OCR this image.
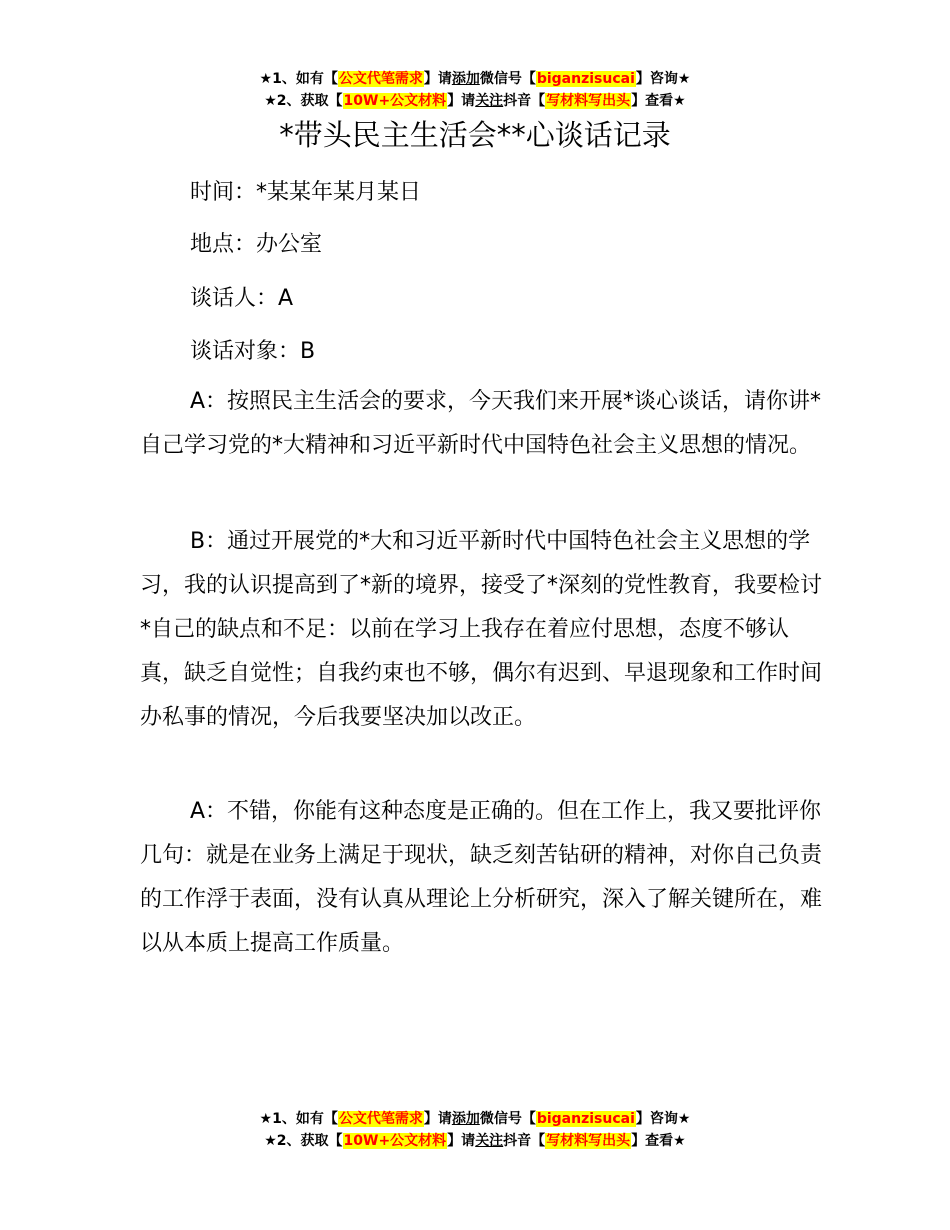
★1、如有【公文代笔需求】请添加微信号【biganzisucai】咨询★
★2、获取【10W+公文材料】请关注抖音【写材料写出头】查看★
*带头民主生活会**心谈话记录
时间：*某某年某月某日
地点：办公室
谈话人：A
谈话对象：B

A：按照民主生活会的要求，今天我们来开展*谈心谈话，请你讲*自己学习党的*大精神和习近平新时代中国特色社会主义思想的情况。

B：通过开展党的*大和习近平新时代中国特色社会主义思想的学习，我的认识提高到了*新的境界，接受了*深刻的党性教育，我要检讨*自己的缺点和不足：以前在学习上我存在着应付思想，态度不够认真，缺乏自觉性；自我约束也不够，偶尔有迟到、早退现象和工作时间办私事的情况，今后我要坚决加以改正。

A：不错，你能有这种态度是正确的。但在工作上，我又要批评你几句：就是在业务上满足于现状，缺乏刻苦钻研的精神，对你自己负责的工作浮于表面，没有认真从理论上分析研究，深入了解关键所在，难以从本质上提高工作质量。

★1、如有【公文代笔需求】请添加微信号【biganzisucai】咨询★
★2、获取【10W+公文材料】请关注抖音【写材料写出头】查看★
